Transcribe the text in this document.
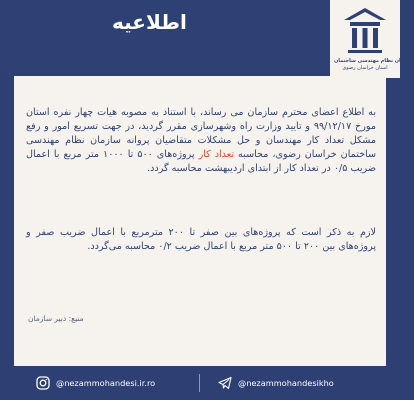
اطلاعیه
سازمان نظام مهندسی ساختمان
استان خراسان رضوی
به اطلاع اعضای محترم سازمان می رساند، با استناد به مصوبه هیات چهار نفره استان مورخ ۹۹/۱۲/۱۷ و تایید وزارت راه وشهرسازی مقرر گردید، در جهت تسریع امور و رفع مشکل تعداد کار مهندسان و حل مشکلات متقاضیان پروانه سازمان نظام مهندسی ساختمان خراسان رضوی، محاسبه تعداد کار پروژه‌های ۵۰۰ تا ۱۰۰۰ متر مربع با اعمال ضریب ۰/۵ در تعداد کار از ابتدای اردیبهشت محاسبه گردد.
لازم به ذکر است که پروژه‌های بین صفر تا ۲۰۰ مترمربع با اعمال ضریب صفر و پروژه‌های بین ۲۰۰ تا ۵۰۰ متر مربع با اعمال ضریب ۰/۲ محاسبه می‌گردد.
منبع: دبیر سازمان
@nezammohandesi.ir.ro	@nezammohandesikho
